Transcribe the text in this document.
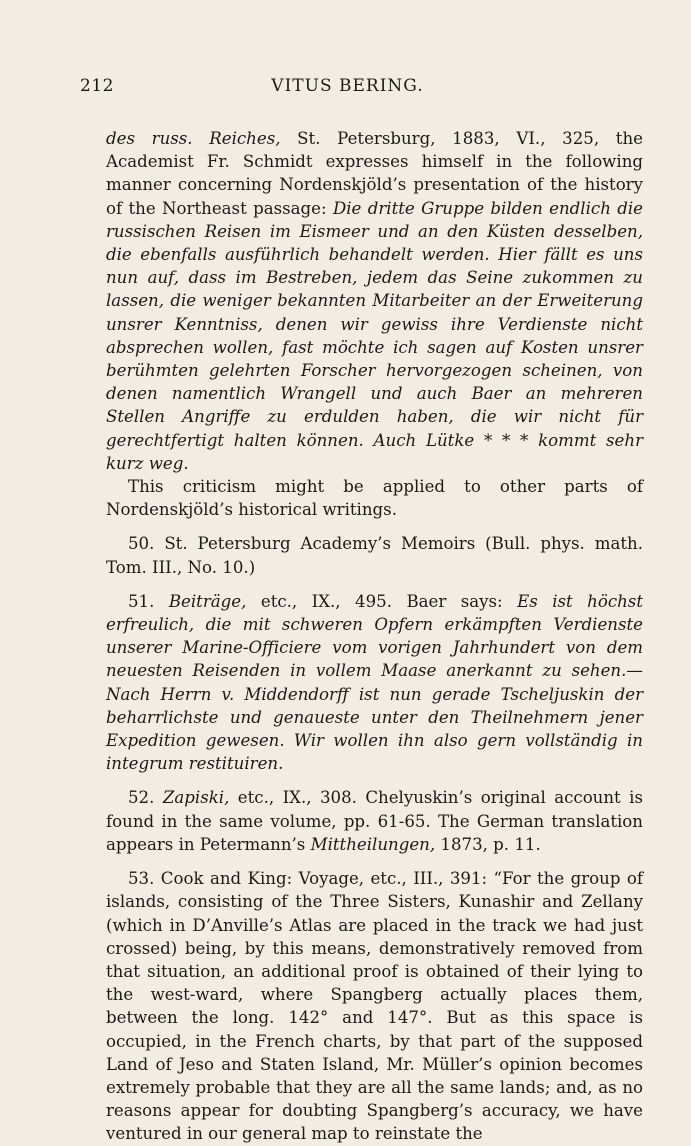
212	VITUS BERING.

des russ. Reiches, St. Petersburg, 1883, VI., 325, the Academist Fr. Schmidt expresses himself in the following manner concerning Nordenskjöld’s presentation of the history of the Northeast passage: Die dritte Gruppe bilden endlich die russischen Reisen im Eismeer und an den Küsten desselben, die ebenfalls ausführlich behandelt werden. Hier fällt es uns nun auf, dass im Bestreben, jedem das Seine zukommen zu lassen, die weniger bekannten Mitarbeiter an der Erweiterung unsrer Kenntniss, denen wir gewiss ihre Verdienste nicht absprechen wollen, fast möchte ich sagen auf Kosten unsrer berühmten gelehrten Forscher hervorgezogen scheinen, von denen namentlich Wrangell und auch Baer an mehreren Stellen Angriffe zu erdulden haben, die wir nicht für gerechtfertigt halten können. Auch Lütke * * * kommt sehr kurz weg.

This criticism might be applied to other parts of Nordenskjöld’s historical writings.

50. St. Petersburg Academy’s Memoirs (Bull. phys. math. Tom. III., No. 10.)

51. Beiträge, etc., IX., 495. Baer says: Es ist höchst erfreulich, die mit schweren Opfern erkämpften Verdienste unserer Marine-Officiere vom vorigen Jahrhundert von dem neuesten Reisenden in vollem Maase anerkannt zu sehen.—Nach Herrn v. Middendorff ist nun gerade Tscheljuskin der beharrlichste und genaueste unter den Theilnehmern jener Expedition gewesen. Wir wollen ihn also gern vollständig in integrum restituiren.

52. Zapiski, etc., IX., 308. Chelyuskin’s original account is found in the same volume, pp. 61-65. The German translation appears in Petermann’s Mittheilungen, 1873, p. 11.

53. Cook and King: Voyage, etc., III., 391: “For the group of islands, consisting of the Three Sisters, Kunashir and Zellany (which in D’Anville’s Atlas are placed in the track we had just crossed) being, by this means, demonstratively removed from that situation, an additional proof is obtained of their lying to the west-ward, where Spangberg actually places them, between the long. 142° and 147°. But as this space is occupied, in the French charts, by that part of the supposed Land of Jeso and Staten Island, Mr. Müller’s opinion becomes extremely probable that they are all the same lands; and, as no reasons appear for doubting Spangberg’s accuracy, we have ventured in our general map to reinstate the
